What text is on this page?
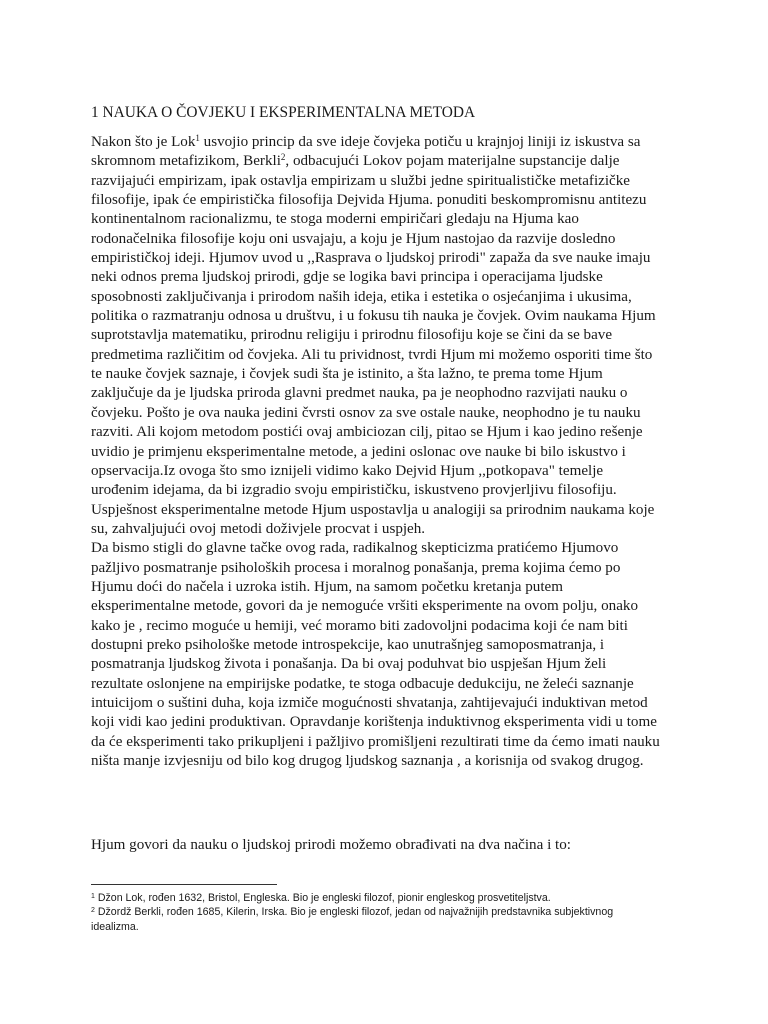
1 NAUKA O ČOVJEKU I EKSPERIMENTALNA METODA
Nakon što je Lok$^1$ usvojio princip da sve ideje čovjeka potiču u krajnjoj liniji iz iskustva sa
skromnom metafizikom, Berkli$^2$, odbacujući Lokov pojam materijalne supstancije dalje
razvijajući empirizam, ipak ostavlja empirizam u službi jedne spiritualističke metafizičke
filosofije, ipak će empiristička filosofija Dejvida Hjuma. ponuditi beskompromisnu antitezu
kontinentalnom racionalizmu, te stoga moderni empiričari gledaju na Hjuma kao
rodonačelnika filosofije koju oni usvajaju, a koju je Hjum nastojao da razvije dosledno
empirističkoj ideji. Hjumov uvod u ,,Rasprava o ljudskoj prirodi" zapaža da sve nauke imaju
neki odnos prema ljudskoj prirodi, gdje se logika bavi principa i operacijama ljudske
sposobnosti zaključivanja i prirodom naših ideja, etika i estetika o osjećanjima i ukusima,
politika o razmatranju odnosa u društvu, i u fokusu tih nauka je čovjek. Ovim naukama Hjum
suprotstavlja matematiku, prirodnu religiju i prirodnu filosofiju koje se čini da se bave
predmetima različitim od čovjeka. Ali tu prividnost, tvrdi Hjum mi možemo osporiti time što
te nauke čovjek saznaje, i čovjek sudi šta je istinito, a šta lažno, te prema tome Hjum
zaključuje da je ljudska priroda glavni predmet nauka, pa je neophodno razvijati nauku o
čovjeku. Pošto je ova nauka jedini čvrsti osnov za sve ostale nauke, neophodno je tu nauku
razviti. Ali kojom metodom postići ovaj ambiciozan cilj, pitao se Hjum i kao jedino rešenje
uvidio je primjenu eksperimentalne metode, a jedini oslonac ove nauke bi bilo iskustvo i
opservacija.Iz ovoga što smo iznijeli vidimo kako Dejvid Hjum ,,potkopava" temelje
urođenim idejama, da bi izgradio svoju empirističku, iskustveno provjerljivu filosofiju.
Uspješnost eksperimentalne metode Hjum uspostavlja u analogiji sa prirodnim naukama koje
su, zahvaljujući ovoj metodi doživjele procvat i uspjeh.
Da bismo stigli do glavne tačke ovog rada, radikalnog skepticizma pratićemo Hjumovo
pažljivo posmatranje psiholoških procesa i moralnog ponašanja, prema kojima ćemo po
Hjumu doći do načela i uzroka istih. Hjum, na samom početku kretanja putem
eksperimentalne metode, govori da je nemoguće vršiti eksperimente na ovom polju, onako
kako je , recimo moguće u hemiji, već moramo biti zadovoljni podacima koji će nam biti
dostupni preko psihološke metode introspekcije, kao unutrašnjeg samoposmatranja, i
posmatranja ljudskog života i ponašanja. Da bi ovaj poduhvat bio uspješan Hjum želi
rezultate oslonjene na empirijske podatke, te stoga odbacuje dedukciju, ne želeći saznanje
intuicijom o suštini duha, koja izmiče mogućnosti shvatanja, zahtijevajući induktivan metod
koji vidi kao jedini produktivan. Opravdanje korištenja induktivnog eksperimenta vidi u tome
da će eksperimenti tako prikupljeni i pažljivo promišljeni rezultirati time da ćemo imati nauku
ništa manje izvjesniju od bilo kog drugog ljudskog saznanja , a korisnija od svakog drugog.

Hjum govori da nauku o ljudskoj prirodi možemo obrađivati na dva načina i to:

$^1$ Džon Lok, rođen 1632, Bristol, Engleska. Bio je engleski filozof, pionir engleskog prosvetiteljstva.
$^2$ Džordž Berkli, rođen 1685, Kilerin, Irska. Bio je engleski filozof, jedan od najvažnijih predstavnika subjektivnog
idealizma.
